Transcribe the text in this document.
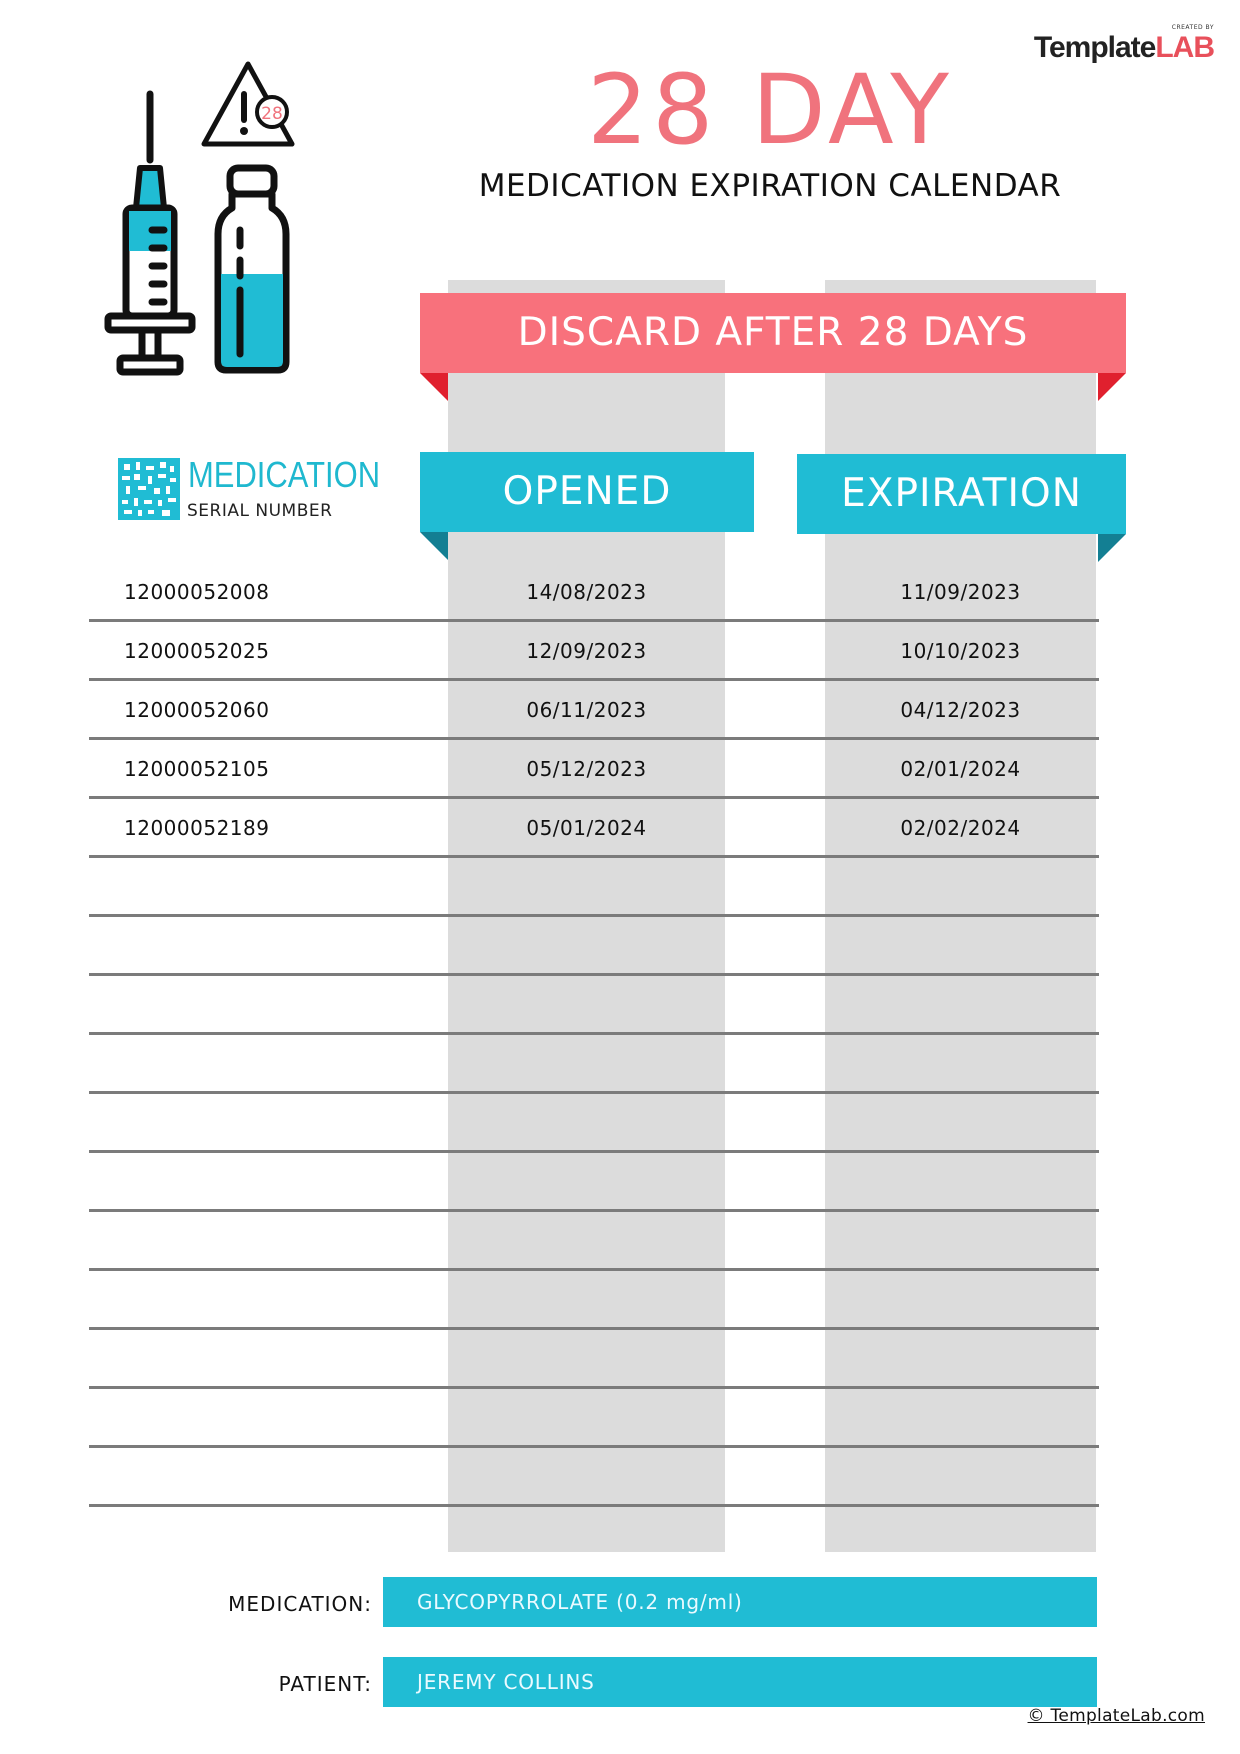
CREATED BY
TemplateLAB
28	28 DAY
MEDICATION EXPIRATION CALENDAR
DISCARD AFTER 28 DAYS
MEDICATION
SERIAL NUMBER	OPENED	EXPIRATION
12000052008	14/08/2023	11/09/2023
12000052025	12/09/2023	10/10/2023
12000052060	06/11/2023	04/12/2023
12000052105	05/12/2023	02/01/2024
12000052189	05/01/2024	02/02/2024
MEDICATION:	GLYCOPYRROLATE (0.2 mg/ml)
PATIENT:	JEREMY COLLINS
© TemplateLab.com
